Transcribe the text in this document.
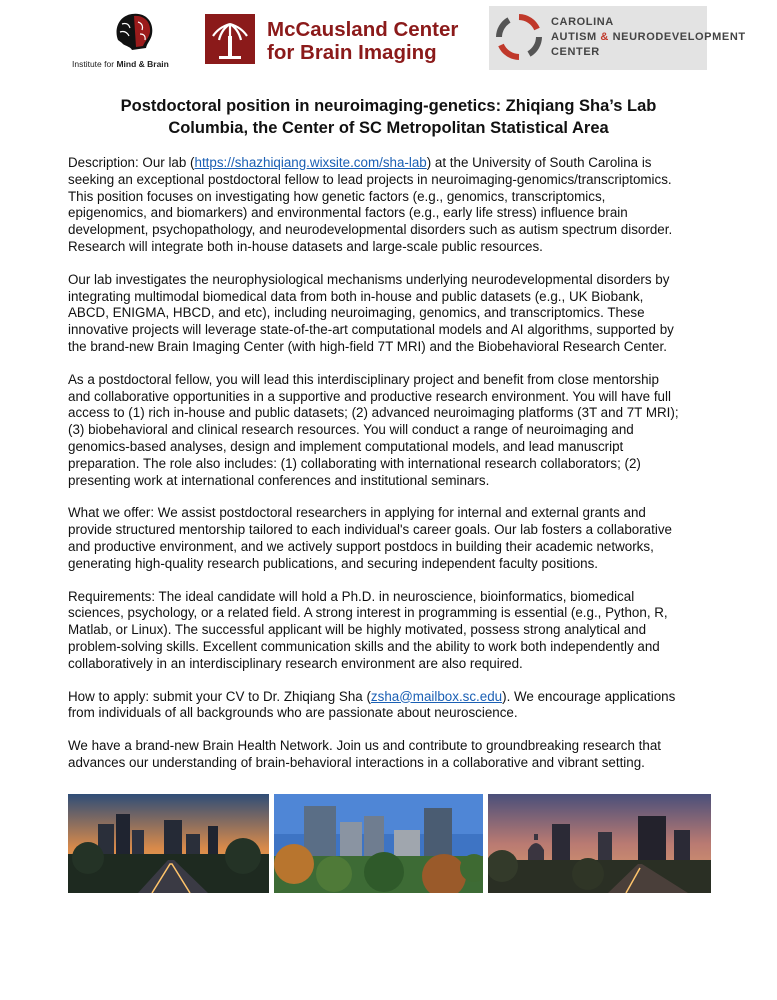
Institute for Mind & Brain
McCausland Center
for Brain Imaging
CAROLINA
AUTISM & NEURODEVELOPMENT
CENTER
Postdoctoral position in neuroimaging-genetics: Zhiqiang Sha’s Lab
Columbia, the Center of SC Metropolitan Statistical Area

Description: Our lab (https://shazhiqiang.wixsite.com/sha-lab) at the University of South Carolina is
seeking an exceptional postdoctoral fellow to lead projects in neuroimaging-genomics/transcriptomics.
This position focuses on investigating how genetic factors (e.g., genomics, transcriptomics,
epigenomics, and biomarkers) and environmental factors (e.g., early life stress) influence brain
development, psychopathology, and neurodevelopmental disorders such as autism spectrum disorder.
Research will integrate both in-house datasets and large-scale public resources.

Our lab investigates the neurophysiological mechanisms underlying neurodevelopmental disorders by
integrating multimodal biomedical data from both in-house and public datasets (e.g., UK Biobank,
ABCD, ENIGMA, HBCD, and etc), including neuroimaging, genomics, and transcriptomics. These
innovative projects will leverage state-of-the-art computational models and AI algorithms, supported by
the brand-new Brain Imaging Center (with high-field 7T MRI) and the Biobehavioral Research Center.

As a postdoctoral fellow, you will lead this interdisciplinary project and benefit from close mentorship
and collaborative opportunities in a supportive and productive research environment. You will have full
access to (1) rich in-house and public datasets; (2) advanced neuroimaging platforms (3T and 7T MRI);
(3) biobehavioral and clinical research resources. You will conduct a range of neuroimaging and
genomics-based analyses, design and implement computational models, and lead manuscript
preparation. The role also includes: (1) collaborating with international research collaborators; (2)
presenting work at international conferences and institutional seminars.

What we offer: We assist postdoctoral researchers in applying for internal and external grants and
provide structured mentorship tailored to each individual's career goals. Our lab fosters a collaborative
and productive environment, and we actively support postdocs in building their academic networks,
generating high-quality research publications, and securing independent faculty positions.

Requirements: The ideal candidate will hold a Ph.D. in neuroscience, bioinformatics, biomedical
sciences, psychology, or a related field. A strong interest in programming is essential (e.g., Python, R,
Matlab, or Linux). The successful applicant will be highly motivated, possess strong analytical and
problem-solving skills. Excellent communication skills and the ability to work both independently and
collaboratively in an interdisciplinary research environment are also required.

How to apply: submit your CV to Dr. Zhiqiang Sha (zsha@mailbox.sc.edu). We encourage applications
from individuals of all backgrounds who are passionate about neuroscience.

We have a brand-new Brain Health Network. Join us and contribute to groundbreaking research that
advances our understanding of brain-behavioral interactions in a collaborative and vibrant setting.
